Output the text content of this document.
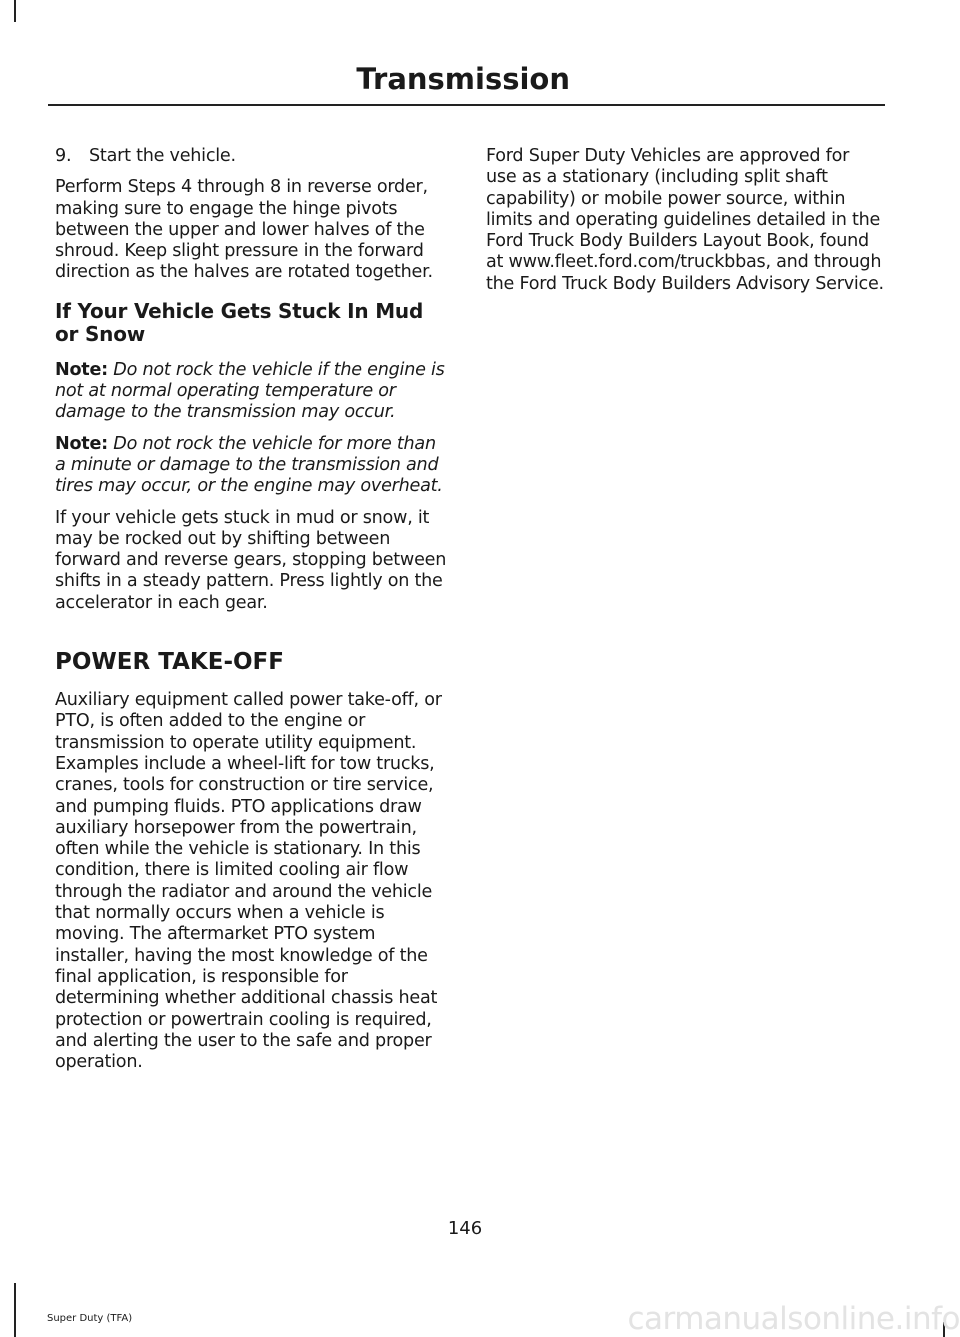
Transmission
9.	Start the vehicle.

Perform Steps 4 through 8 in reverse order, making sure to engage the hinge pivots between the upper and lower halves of the shroud. Keep slight pressure in the forward direction as the halves are rotated together.

If Your Vehicle Gets Stuck In Mud or Snow

Note: Do not rock the vehicle if the engine is not at normal operating temperature or damage to the transmission may occur.

Note: Do not rock the vehicle for more than a minute or damage to the transmission and tires may occur, or the engine may overheat.

If your vehicle gets stuck in mud or snow, it may be rocked out by shifting between forward and reverse gears, stopping between shifts in a steady pattern. Press lightly on the accelerator in each gear.

POWER TAKE-OFF

Auxiliary equipment called power take-off, or PTO, is often added to the engine or transmission to operate utility equipment. Examples include a wheel-lift for tow trucks, cranes, tools for construction or tire service, and pumping fluids. PTO applications draw auxiliary horsepower from the powertrain, often while the vehicle is stationary. In this condition, there is limited cooling air flow through the radiator and around the vehicle that normally occurs when a vehicle is moving. The aftermarket PTO system installer, having the most knowledge of the final application, is responsible for determining whether additional chassis heat protection or powertrain cooling is required, and alerting the user to the safe and proper operation.

Ford Super Duty Vehicles are approved for use as a stationary (including split shaft capability) or mobile power source, within limits and operating guidelines detailed in the Ford Truck Body Builders Layout Book, found at www.fleet.ford.com/truckbbas, and through the Ford Truck Body Builders Advisory Service.

146
Super Duty (TFA)	carmanualsonline.info
